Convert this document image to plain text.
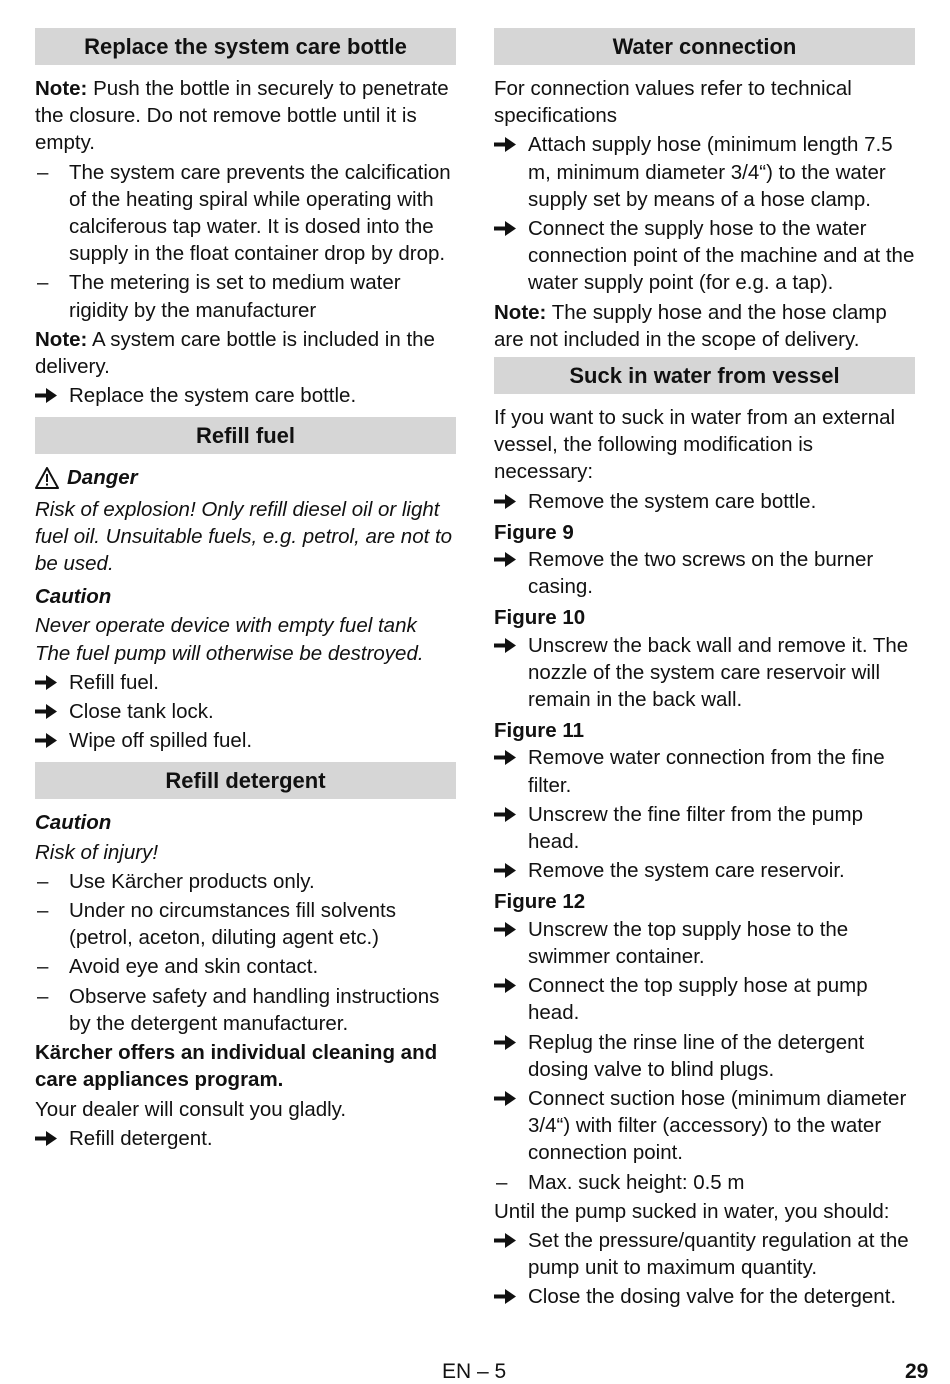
Replace the system care bottle

Note: Push the bottle in securely to penetrate the closure. Do not remove bottle until it is empty.

– The system care prevents the calcification of the heating spiral while operating with calciferous tap water. It is dosed into the supply in the float container drop by drop.
– The metering is set to medium water rigidity by the manufacturer

Note: A system care bottle is included in the delivery.

Replace the system care bottle.
Refill fuel
Danger

Risk of explosion! Only refill diesel oil or light fuel oil. Unsuitable fuels, e.g. petrol, are not to be used.

Caution

Never operate device with empty fuel tank The fuel pump will otherwise be destroyed.

Refill fuel.
Close tank lock.
Wipe off spilled fuel.
Refill detergent

Caution

Risk of injury!

– Use Kärcher products only.
– Under no circumstances fill solvents (petrol, aceton, diluting agent etc.)
– Avoid eye and skin contact.
– Observe safety and handling instructions by the detergent manufacturer.

Kärcher offers an individual cleaning and care appliances program.

Your dealer will consult you gladly.

Refill detergent.
Water connection

For connection values refer to technical specifications

Attach supply hose (minimum length 7.5 m, minimum diameter 3/4“) to the water supply set by means of a hose clamp.
Connect the supply hose to the water connection point of the machine and at the water supply point (for e.g. a tap).

Note: The supply hose and the hose clamp are not included in the scope of delivery.

Suck in water from vessel

If you want to suck in water from an external vessel, the following modification is necessary:

Remove the system care bottle.

Figure 9

Remove the two screws on the burner casing.

Figure 10

Unscrew the back wall and remove it. The nozzle of the system care reservoir will remain in the back wall.

Figure 11

Remove water connection from the fine filter.
Unscrew the fine filter from the pump head.
Remove the system care reservoir.

Figure 12

Unscrew the top supply hose to the swimmer container.
Connect the top supply hose at pump head.
Replug the rinse line of the detergent dosing valve to blind plugs.
Connect suction hose (minimum diameter 3/4“) with filter (accessory) to the water connection point.
– Max. suck height: 0.5 m

Until the pump sucked in water, you should:

Set the pressure/quantity regulation at the pump unit to maximum quantity.
Close the dosing valve for the detergent.
EN – 5	29
